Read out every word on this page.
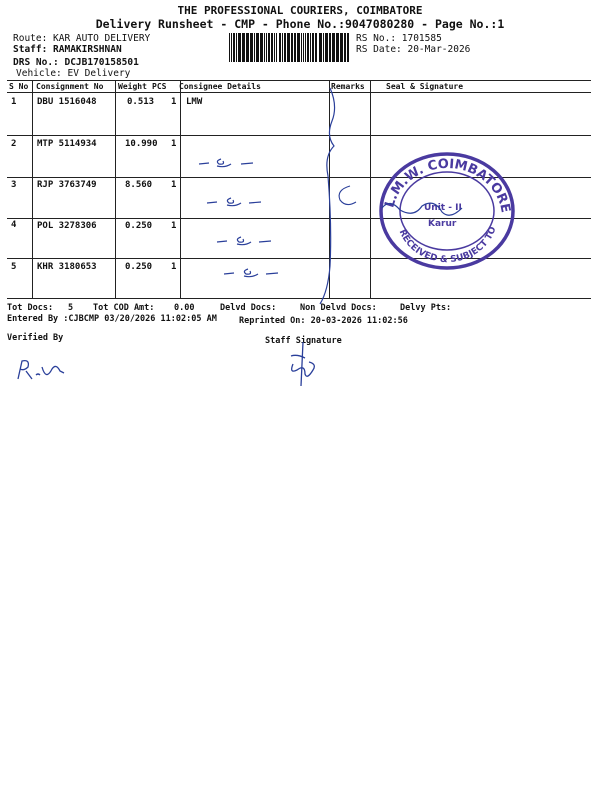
THE PROFESSIONAL COURIERS, COIMBATORE
Delivery Runsheet - CMP - Phone No.:9047080280 - Page No.:1
Route: KAR AUTO DELIVERY
Staff: RAMAKIRSHNAN
DRS No.: DCJB170158501
Vehicle: EV Delivery
RS No.: 1701585
RS Date: 20-Mar-2026
S No Consignment No Weight PCS Consignee Details	Remarks	Seal & Signature
1 DBU 1516048	0.513 1 LMW
2 MTP 5114934	10.990 1
3 RJP 3763749	8.560 1
4 POL 3278306	0.250 1
5 KHR 3180653	0.250 1
L.M.W. COIMBATORE
RECEIVED & SUBJECT TO
Unit - II
Karur
Tot Docs: 5 Tot COD Amt: 0.00	Delvd Docs:	Non Delvd Docs:	Delvy Pts:
Entered By :CJBCMP 03/20/2026 11:02:05 AM	Reprinted On: 20-03-2026 11:02:56
Verified By	Staff Signature
